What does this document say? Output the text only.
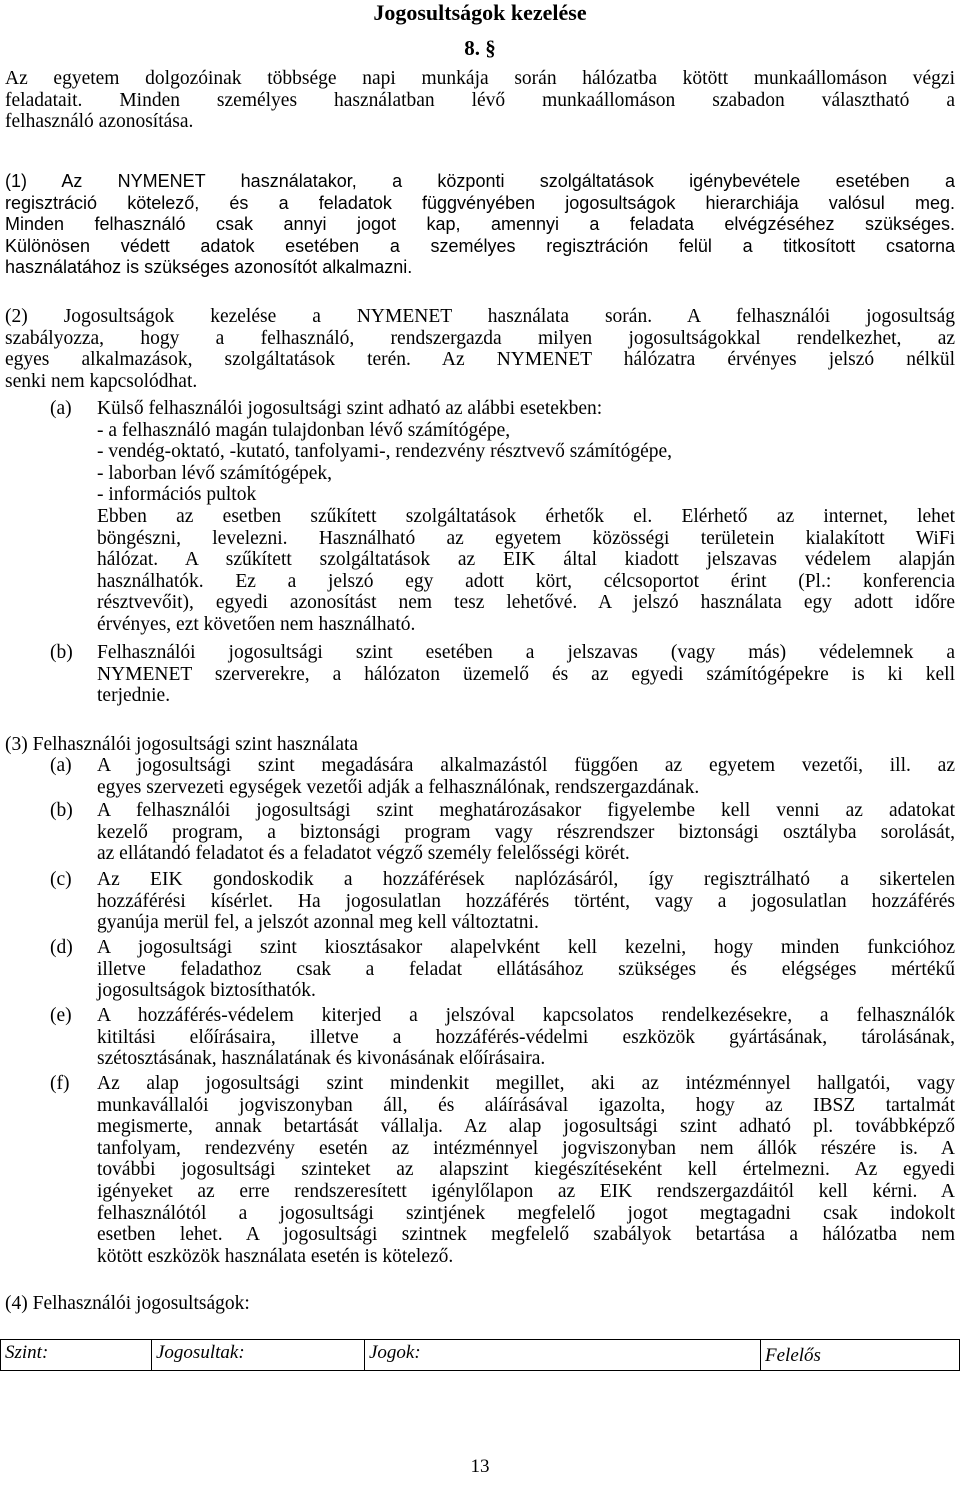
Jogosultságok kezelése
8. §
Az egyetem dolgozóinak többsége napi munkája során hálózatba kötött munkaállomáson végzi
feladatait. Minden személyes használatban lévő munkaállomáson szabadon választható a
felhasználó azonosítása.
(1) Az NYMENET használatakor, a központi szolgáltatások igénybevétele esetében a
regisztráció kötelező, és a feladatok függvényében jogosultságok hierarchiája valósul meg.
Minden felhasználó csak annyi jogot kap, amennyi a feladata elvégzéséhez szükséges.
Különösen védett adatok esetében a személyes regisztráción felül a titkosított csatorna
használatához is szükséges azonosítót alkalmazni.
(2) Jogosultságok kezelése a NYMENET használata során. A felhasználói jogosultság
szabályozza, hogy a felhasználó, rendszergazda milyen jogosultságokkal rendelkezhet, az
egyes alkalmazások, szolgáltatások terén. Az NYMENET hálózatra érvényes jelszó nélkül
senki nem kapcsolódhat.
(a)	Külső felhasználói jogosultsági szint adható az alábbi esetekben:
- a felhasználó magán tulajdonban lévő számítógépe,
- vendég-oktató, -kutató, tanfolyami-, rendezvény résztvevő számítógépe,
- laborban lévő számítógépek,
- információs pultok
Ebben az esetben szűkített szolgáltatások érhetők el. Elérhető az internet, lehet
böngészni, levelezni. Használható az egyetem közösségi területein kialakított WiFi
hálózat. A szűkített szolgáltatások az EIK által kiadott jelszavas védelem alapján
használhatók. Ez a jelszó egy adott kört, célcsoportot érint (Pl.: konferencia
résztvevőit), egyedi azonosítást nem tesz lehetővé. A jelszó használata egy adott időre
érvényes, ezt követően nem használható.
(b)	Felhasználói jogosultsági szint esetében a jelszavas (vagy más) védelemnek a
NYMENET szerverekre, a hálózaton üzemelő és az egyedi számítógépekre is ki kell
terjednie.
(3) Felhasználói jogosultsági szint használata
(a)	A jogosultsági szint megadására alkalmazástól függően az egyetem vezetői, ill. az
egyes szervezeti egységek vezetői adják a felhasználónak, rendszergazdának.
(b)	A felhasználói jogosultsági szint meghatározásakor figyelembe kell venni az adatokat
kezelő program, a biztonsági program vagy részrendszer biztonsági osztályba sorolását,
az ellátandó feladatot és a feladatot végző személy felelősségi körét.
(c)	Az EIK gondoskodik a hozzáférések naplózásáról, így regisztrálható a sikertelen
hozzáférési kísérlet. Ha jogosulatlan hozzáférés történt, vagy a jogosulatlan hozzáférés
gyanúja merül fel, a jelszót azonnal meg kell változtatni.
(d)	A jogosultsági szint kiosztásakor alapelvként kell kezelni, hogy minden funkcióhoz
illetve feladathoz csak a feladat ellátásához szükséges és elégséges mértékű
jogosultságok biztosíthatók.
(e)	A hozzáférés-védelem kiterjed a jelszóval kapcsolatos rendelkezésekre, a felhasználók
kitiltási előírásaira, illetve a hozzáférés-védelmi eszközök gyártásának, tárolásának,
szétosztásának, használatának és kivonásának előírásaira.
(f)	Az alap jogosultsági szint mindenkit megillet, aki az intézménnyel hallgatói, vagy
munkavállalói jogviszonyban áll, és aláírásával igazolta, hogy az IBSZ tartalmát
megismerte, annak betartását vállalja. Az alap jogosultsági szint adható pl. továbbképző
tanfolyam, rendezvény esetén az intézménnyel jogviszonyban nem állók részére is. A
további jogosultsági szinteket az alapszint kiegészítéseként kell értelmezni. Az egyedi
igényeket az erre rendszeresített igénylőlapon az EIK rendszergazdáitól kell kérni. A
felhasználótól a jogosultsági szintjének megfelelő jogot megtagadni csak indokolt
esetben lehet. A jogosultsági szintnek megfelelő szabályok betartása a hálózatba nem
kötött eszközök használata esetén is kötelező.
(4) Felhasználói jogosultságok:
Szint:	Jogosultak:	Jogok:	Felelős
13
